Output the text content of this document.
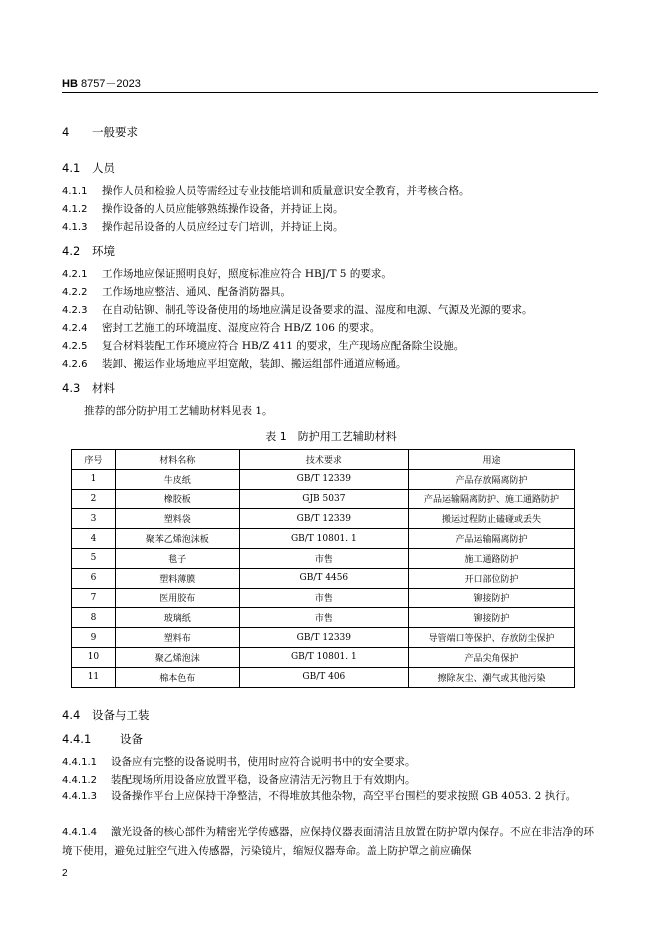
HB 8757－2023
4 一般要求
4.1 人员
4.1.1 操作人员和检验人员等需经过专业技能培训和质量意识安全教育，并考核合格。
4.1.2 操作设备的人员应能够熟练操作设备，并持证上岗。
4.1.3 操作起吊设备的人员应经过专门培训，并持证上岗。
4.2 环境
4.2.1 工作场地应保证照明良好，照度标准应符合 HBJ/T 5 的要求。
4.2.2 工作场地应整洁、通风、配备消防器具。
4.2.3 在自动钻铆、制孔等设备使用的场地应满足设备要求的温、湿度和电源、气源及光源的要求。
4.2.4 密封工艺施工的环境温度、湿度应符合 HB/Z 106 的要求。
4.2.5 复合材料装配工作环境应符合 HB/Z 411 的要求，生产现场应配备除尘设施。
4.2.6 装卸、搬运作业场地应平坦宽敞，装卸、搬运组部件通道应畅通。
4.3 材料
推荐的部分防护用工艺辅助材料见表 1。
表 1　防护用工艺辅助材料
序号	材料名称	技术要求	用途
1	牛皮纸	GB/T 12339	产品存放隔离防护
2	橡胶板	GJB 5037	产品运输隔离防护、施工通路防护
3	塑料袋	GB/T 12339	搬运过程防止磕碰或丢失
4	聚苯乙烯泡沫板	GB/T 10801. 1	产品运输隔离防护
5	毯子	市售	施工通路防护
6	塑料薄膜	GB/T 4456	开口部位防护
7	医用胶布	市售	铆接防护
8	玻璃纸	市售	铆接防护
9	塑料布	GB/T 12339	导管端口等保护、存放防尘保护
10	聚乙烯泡沫	GB/T 10801. 1	产品尖角保护
11	棉本色布	GB/T 406	擦除灰尘、潮气或其他污染
4.4 设备与工装
4.4.1 设备
4.4.1.1 设备应有完整的设备说明书，使用时应符合说明书中的安全要求。
4.4.1.2 装配现场所用设备应放置平稳，设备应清洁无污物且于有效期内。
4.4.1.3 设备操作平台上应保持干净整洁，不得堆放其他杂物，高空平台围栏的要求按照 GB 4053. 2 执行。
4.4.1.4 激光设备的核心部件为精密光学传感器，应保持仪器表面清洁且放置在防护罩内保存。不应在非洁净的环境下使用，避免过脏空气进入传感器，污染镜片，缩短仪器寿命。盖上防护罩之前应确保
2
